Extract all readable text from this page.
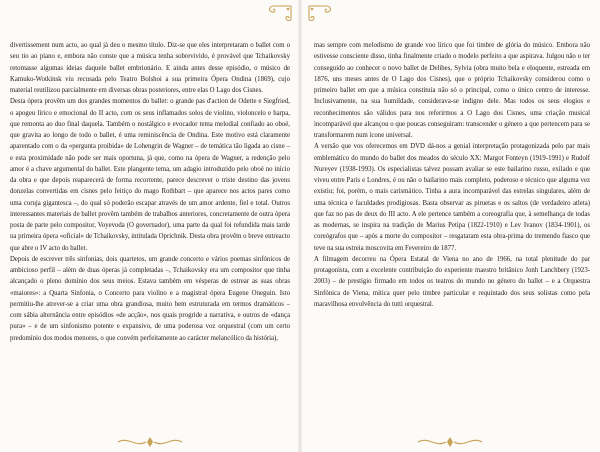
divertissement num acto, ao qual já deu o mesmo título. Diz-se que eles interpretaram o ballet com o seu tio ao piano e, embora não conste que a música tenha sobrevivido, é provável que Tchaikovsky retomasse algumas ideias daquele ballet embrionário. E ainda antes desse episódio, o músico de Kamuko-Wotkinsk viu recusada pelo Teatro Bolshoi a sua primeira Ópera Ondina (1869), cujo material reutilizou parcialmente em diversas obras posteriores, entre elas O Lago dos Cisnes.

Desta ópera provêm um dos grandes momentos do ballet: o grande pas d'action de Odette e Siegfried, o apogeu lírico e emocional do II acto, com os seus inflamados solos de violino, violoncelo e harpa, que remonta ao duo final daquela. Também o nostálgico e evocador tema melodial confiado ao oboé, que gravita ao longo de todo o ballet, é uma reminiscência de Ondina. Este motivo está claramente aparentado com o da «pergunta proibida» de Lohengrin de Wagner – de temática tão ligada ao cisne – e esta proximidade não pode ser mais oportuna, já que, como na ópera de Wagner, a redenção pelo amor é a chave argumental do ballet. Este plangente tema, um adagio introduzido pelo oboé no início da obra e que depois reaparecerá de forma recorrente, parece descrever o triste destino das jovens donzelas convertidas em cisnes pelo feitiço do mago Rothbart – que aparece nos actos pares como uma coruja gigantesca –, do qual só poderão escapar através de um amor ardente, fiel e total. Outros interessantes materiais de ballet provêm também de trabalhos anteriores, concretamente de outra ópera posta de parte pelo compositor, Voyevoda (O governador), uma parte da qual foi refundida mais tarde na primeira ópera «oficial» de Tchaikovsky, intitulada Oprichnik. Desta obra provêm o breve entreacto que abre o IV acto do ballet.

Depois de escrever três sinfonias, dois quartetos, um grande concerto e vários poemas sinfónicos de ambicioso perfil – além de duas óperas já completadas –, Tchaikovsky era um compositor que tinha alcançado o pleno domínio dos seus meios. Estava também em vésperas de estrear as suas obras «maiores»: a Quarta Sinfonia, o Concerto para violino e a magistral ópera Eugene Oneguin. Isto permitiu-lhe atrever-se a criar uma obra grandiosa, muito bem estruturada em termos dramáticos – com sábia alternância entre episódios «de acção», nos quais progride a narrativa, e outros de «dança pura» – e de um sinfonismo potente e expansivo, de uma poderosa voz orquestral (com um certo predomínio dos modos menores, o que convém perfeitamente ao carácter melancólico da história),

mas sempre com melodismo de grande voo lírico que foi timbre de glória do músico. Embora não estivesse consciente disso, tinha finalmente criado o modelo perfeito a que aspirava. Julgou não o ter conseguido ao conhecer o novo ballet de Delibes, Sylvia (obra muito bela e eloquente, estreada em 1876, uns meses antes de O Lago dos Cisnes), que o próprio Tchaikovsky considerou como o primeiro ballet em que a música constituía não só o principal, como o único centro de interesse. Inclusivamente, na sua humildade, considerava-se indigno dele. Mas todos os seus elogios e reconhecimentos são válidos para nos referirmos a O Lago dos Cisnes, uma criação musical incomparável que alcançou o que poucas conseguiram: transcender o género a que pertencem para se transformarem num ícone universal.

A versão que vos oferecemos em DVD dá-nos a genial interpretação protagonizada pelo par mais emblemático do mundo do ballet dos meados do século XX: Margot Fonteyn (1919-1991) e Rudolf Nureyev (1938-1993). Os especialistas talvez possam avaliar se este bailarino russo, exilado e que viveu entre Paris e Londres, é ou não o bailarino mais completo, poderoso e técnico que alguma vez existiu; foi, porém, o mais carismático. Tinha a aura incomparável das estrelas singulares, além de uma técnica e faculdades prodigiosas. Basta observar as piruetas e os saltos (de verdadeiro atleta) que faz no pas de deux do III acto. A ele pertence também a coreografia que, à semelhança de todas as modernas, se inspira na tradição de Marius Petipa (1822-1910) e Lev Ivanov (1834-1901), os coreógrafos que – após a morte do compositor – resgataram esta obra-prima do tremendo fiasco que teve na sua estreia moscovita em Fevereiro de 1877.

A filmagem decorreu na Ópera Estatal de Viena no ano de 1966, na total plenitude do par protagonista, com a excelente contribuição do experiente maestro britânico Jonh Lanchbery (1923-2003) – de prestígio firmado em todos os teatros do mundo no género do ballet – e a Orquestra Sinfónica de Viena, mítica quer pelo timbre particular e requintado dos seus solistas como pela maravilhosa envolvência do tutti orquestral.
